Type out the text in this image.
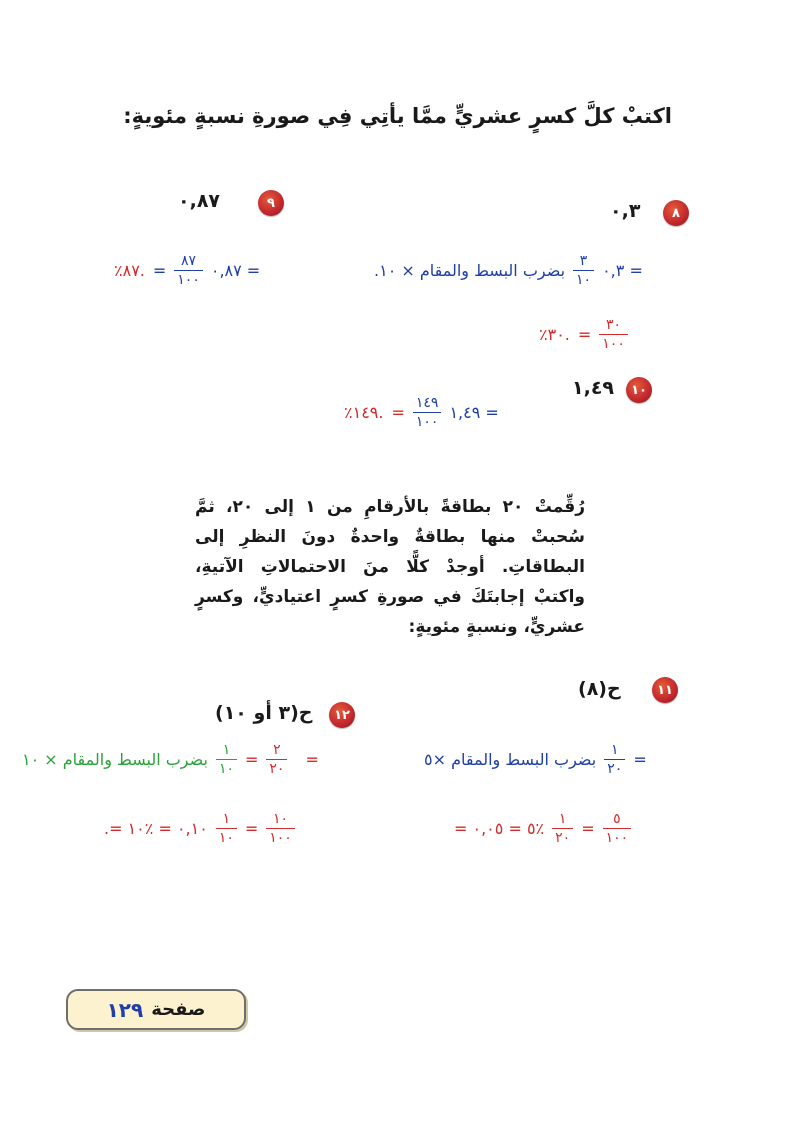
اكتبْ كلَّ كسرٍ عشريٍّ ممَّا يأتِي فِي صورةِ نسبةٍ مئويةٍ:
٨
٠,٣
بضرب البسط والمقام × ١٠. $\frac{٣}{١٠}$ = ٠,٣
٪٣٠. = $\frac{٣٠}{١٠٠}$
٩
٠,٨٧
٪٨٧. = $\frac{٨٧}{١٠٠}$ = ٠,٨٧
١٠
١,٤٩
٪١٤٩. = $\frac{١٤٩}{١٠٠}$ = ١,٤٩
رُقِّمتْ ٢٠ بطاقةً بالأرقامِ من ١ إلى ٢٠، ثمَّ سُحبتْ منها بطاقةٌ واحدةٌ دونَ النظرِ إلى البطاقاتِ. أوجدْ كلًّا منَ الاحتمالاتِ الآتيةِ، واكتبْ إجابتَكَ في صورةِ كسرٍ اعتياديٍّ، وكسرٍ عشريٍّ، ونسبةٍ مئويةٍ:
١١
ح(٨)
بضرب البسط والمقام ×٥ $\frac{١}{٢٠}$ =
٪٥ = ٠,٠٥ = $\frac{١}{٢٠} = \frac{٥}{١٠٠}$
١٢
ح(٣ أو ١٠)
بضرب البسط والمقام × ١٠ $\frac{١}{١٠} = \frac{٢}{٢٠}$ =
٠,١٠ = ٪١٠ =. $\frac{١}{١٠} = \frac{١٠}{١٠٠}$
صفحة
١٢٩
